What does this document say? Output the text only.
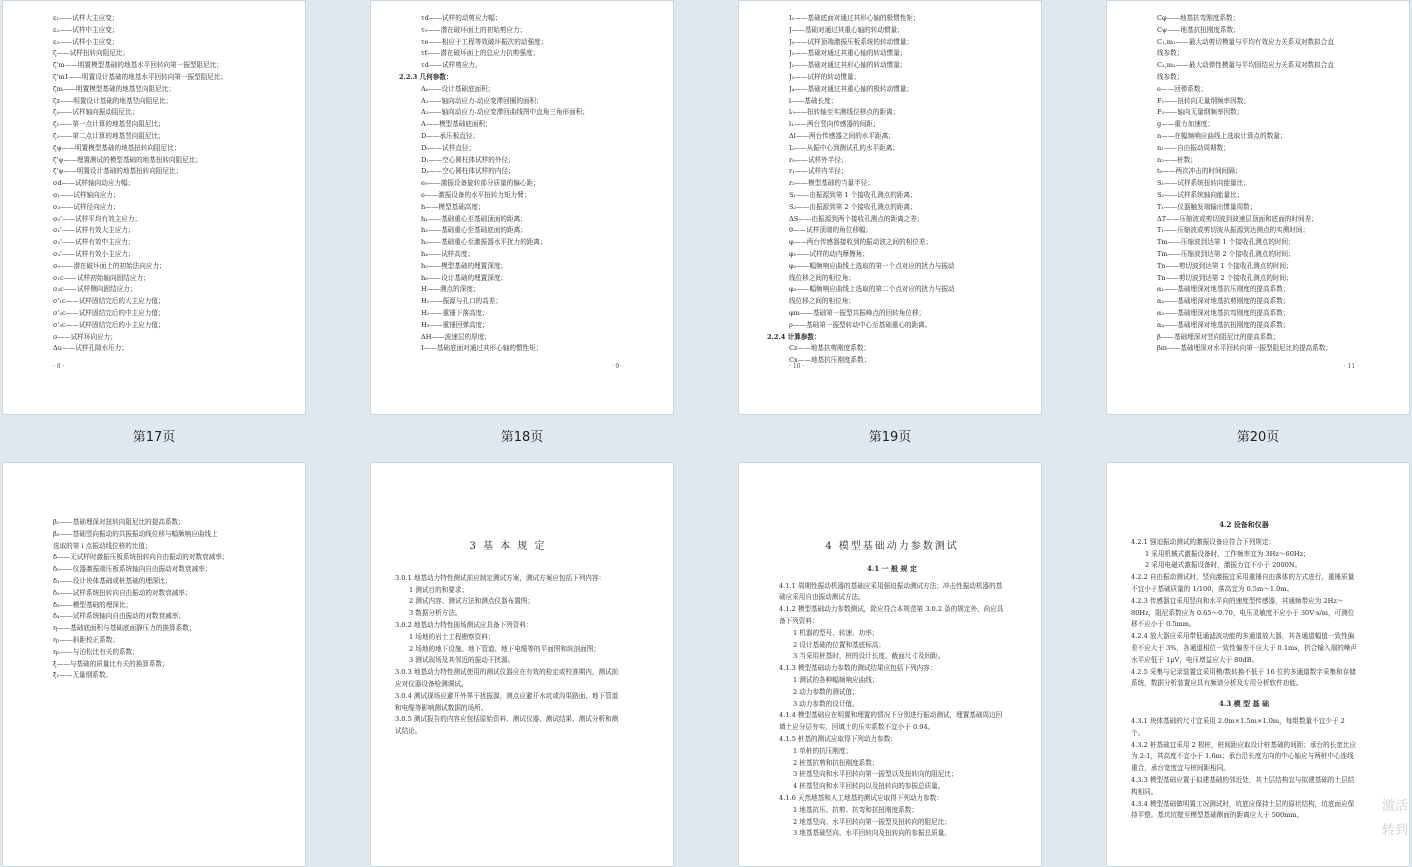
ε₁——试样大主应变；
ε₂——试样中主应变；
ε₃——试样小主应变；
ζ——试样扭转向阻尼比；
ζ'm——明置模型基础的地基水平回转向第一振型阻尼比；
ζ'm1——明置设计基础的地基水平回转向第一振型阻尼比；
ζm——明置模型基础的地基竖向阻尼比；
ζz——明置设计基础的地基竖向阻尼比；
ζ₀——试样轴向振动阻尼比；
ζ₁——第一点计算的地基竖向阻尼比；
ζ₂——第二点计算的地基竖向阻尼比；
ζψ——明置模型基础的地基扭转向阻尼比；
ζ'ψ——埋置测试的模型基础的地基扭转向阻尼比；
ζ'ψ——明置设计基础的地基扭转向阻尼比；
σd——试样轴向动应力幅；
σ₁——试样轴向应力；
σ₃——试样径向应力；
σ₀'——试样平均有效主应力；
σ₁'——试样有效大主应力；
σ₂'——试样有效中主应力；
σ₃'——试样有效小主应力；
σ₀——潜在破坏面上的初始法向应力；
σ₁c——试样初始轴向固结应力；
σ₃c——试样侧向固结应力；
σ'₁c——试样固结完后的大主应力值；
σ'₂c——试样固结完后的中主应力值；
σ'₃c——试样固结完后的小主应力值；
σ——试样环向应力；
Δu——试样孔隙水压力；
· 8 ·
τd——试样的动剪应力幅；
τ₀——潜在破坏面上的初始剪应力；
τe——相应于工程等效破坏振次的动强度；
τf——潜在破坏面上的总应力抗剪强度；
τd——试样剪应力。
2.2.3 几何参数：
A₀——设计基础底面积；
A₁——轴向动应力-动应变滞回圈的面积；
A₂——轴向动应力-动应变滞回曲线图中直角三角形面积；
A——模型基础底面积；
D——承压板直径；
D₀——试样直径；
D₁——空心圆柱体试样的外径；
D₂——空心圆柱体试样的内径；
e₀——激振设备旋转部分质量的偏心距；
e——激振设备的水平扭转力矩力臂；
h——模型基础高度；
h₁——基础重心至基础顶面的距离；
h₂——基础重心至基础底面的距离；
h₃——基础重心至激振器水平扰力的距离；
h₄——试样高度；
h₅——模型基础的埋置深度；
h₆——设计基础的埋置深度；
H——测点的深度；
H₁——振源与孔口的高差；
H₂——重锤下落高度；
H₃——重锤回弹高度；
ΔH——波速层的厚度；
I——基础底面对通过其形心轴的惯性矩；
· 9 ·
I₁——基础底面对通过其形心轴的极惯性矩；
J——基础对通过其重心轴的转动惯量；
J₀——试样顶端激振压板系统的转动惯量；
J₁——基础对通过其重心轴的转动惯量；
J₂——基础对通过其形心轴的转动惯量；
J₃——试样的转动惯量；
J₄——基础对通过其重心轴的极转动惯量；
l——基础长度；
l₀——扭转轴至实测线位移点的距离；
l₁——两台竖向传感器的间距；
Δl——两台传感器之间的水平距离；
L——从振中心到测试孔的水平距离；
r₀——试样外半径；
r₁——试样内半径；
r₂——模型基础的当量半径；
S₁——由振源到第 1 个接收孔测点的距离；
S₂——由振源到第 2 个接收孔测点的距离；
ΔS——由振源到两个接收孔测点的距离之差；
θ——试样顶端的角位移幅；
φ——两台传感器接收到的振动波之间的相位差；
φ₁——试样的动内摩擦角；
φ₂——幅频响应曲线上选取的第一个点对应的扰力与振动
线位移之间的相位角；
φ₃——幅频响应曲线上选取的第二个点对应的扰力与振动
线位移之间的相位角；
φm——基础第一振型共振峰点的回转角位移；
ρ——基础第一振型转动中心至基础重心的距离。
2.2.4 计算参数：
Cz——地基抗剪刚度系数；
Cx——地基抗压刚度系数；
· 10 ·
Cφ——地基抗弯刚度系数；
Cψ——地基抗扭刚度系数；
C₁,m₁——最大动剪切模量与平均有效应力关系双对数拟合直
线参数；
C₂,m₂——最大动弹性模量与平均固结应力关系双对数拟合直
线参数；
e——回弹系数；
F₁——扭转向无量纲频率因数；
F₂——轴向无量纲频率因数；
g——重力加速度；
n——在幅频响应曲线上选取计算点的数量；
n₁——自由振动周期数；
n₂——桩数；
t₀——两次冲击的时间间隔；
S₁——试样系统扭转向能量比；
S₂——试样系统轴向能量比；
T₁——仪器触发端输出惯量周数；
ΔT——压缩波或剪切波到波速层顶面和底面的时间差；
T₁——压缩波或剪切波从振源到达测点的实测时间；
Tm——压缩波到达第 1 个接收孔测点的时间；
Tm——压缩波到达第 2 个接收孔测点的时间；
Tn——剪切波到达第 1 个接收孔测点的时间；
Tn——剪切波到达第 2 个接收孔测点的时间；
α₁——基础埋深对地基抗压刚度的提高系数；
α₂——基础埋深对地基抗剪刚度的提高系数；
α₃——基础埋深对地基抗弯刚度的提高系数；
α₄——基础埋深对地基抗扭刚度的提高系数；
β——基础埋深对竖向阻尼比的提高系数；
βm——基础埋深对水平回转向第一振型阻尼比的提高系数；
· 11 ·
第17页	第18页	第19页	第20页
β₁——基础埋深对扭转向阻尼比的提高系数；
β₂——基础竖向振动的共振振动线位移与幅频响应曲线上
选取的第 i 点振动线位移的比值；
δ——无试样时激振压板系统扭转向自由振动的对数衰减率；
δ₀——仪器激振端压板系统轴向自由振动对数衰减率；
δ₁——设计块体基础或桩基础的埋深比；
δ₂——试样系统扭转向自由振动的对数衰减率；
δ₃——模型基础的埋深比；
δ₄——试样系统轴向自由振动的对数衰减率；
η——基础底面积与基础底面静压力的换算系数；
η₁——斜距校正系数；
η₂——与泊松比有关的系数；
ξ——与基础的质量比有关的换算系数；
ξ₁——无量纲系数。
3 基 本 规 定
3.0.1 地基动力特性测试前应制定测试方案，测试方案应包括下列内容：
1 测试目的和要求；
2 测试内容、测试方法和测点仪器布置图；
3 数据分析方法。
3.0.2 地基动力特性现场测试应具备下列资料：
1 场地的岩土工程勘察资料；
2 场地的地下设施、地下管道、地下电缆等的平面图和纵剖面图；
3 测试现场及其邻近的振动干扰源。
3.0.3 地基动力特性测试使用的测试仪器应在有效的检定或校准期内，测试前应对仪器设备检测调试。
3.0.4 测试现场应避开外界干扰振源，测点应避开水坑或沟渠路面、地下管道和电缆等影响测试数据的场所。
3.0.5 测试报告的内容应包括原始资料、测试仪器、测试结果、测试分析和测试结论。
4 模型基础动力参数测试
4.1 一 般 规 定
4.1.1 周期性振动机器的基础应采用强迫振动测试方法；冲击性振动机器的基础应采用自由振动测试方法。
4.1.2 模型基础动力参数测试，除应符合本规范第 3.0.2 条的规定外，尚应具备下列资料：
1 机器的型号、转速、功率；
2 设计基础的位置和基底标高；
3 当采用桩基时，桩的设计长度、截面尺寸及间距。
4.1.3 模型基础动力参数的测试结果应包括下列内容：
1 测试的各种幅频响应曲线；
2 动力参数的测试值；
3 动力参数的设计值。
4.1.4 模型基础应在明置和埋置的情况下分别进行振动测试，埋置基础周边回填土应分层夯实，回填土的压实系数不宜小于 0.94。
4.1.5 桩基的测试应取得下列动力参数：
1 单桩的抗压刚度；
2 桩基抗剪和抗扭刚度系数；
3 桩基竖向和水平回转向第一振型以及扭转向的阻尼比；
4 桩基竖向和水平回转向以及扭转向的参振总质量。
4.1.6 天然地基和人工地基的测试应取得下列动力参数：
1 地基抗压、抗剪、抗弯和抗扭刚度系数；
2 地基竖向、水平回转向第一振型及扭转向的阻尼比；
3 地基基础竖向、水平回转向及扭转向的参振总质量。
4.2 设备和仪器
4.2.1 强迫振动测试的激振设备应符合下列规定：
1 采用机械式激振设备时，工作频率宜为 3Hz～60Hz；
2 采用电磁式激振设备时，激振力宜不小于 2000N。
4.2.2 自由振动测试时，竖向激振宜采用重锤自由落体的方式进行，重锤质量不宜小于基础质量的 1/100，落高宜为 0.5m～1.0m。
4.2.3 传感器宜采用竖向和水平向的速度型传感器，其通频带应为 2Hz～80Hz，阻尼系数应为 0.65～0.70，电压灵敏度不应小于 30V·s/m，可测位移不应小于 0.5mm。
4.2.4 放大器应采用带低通滤波功能的多通道放大器，其各通道幅值一致性偏差不应大于 3%，各通道相位一致性偏差不应大于 0.1ms，折合输入端的噪声水平应低于 1μV，电压增益应大于 80dB。
4.2.5 采集与记录装置宜采用模/数转换不低于 16 位的多通道数字采集和存储系统，数据分析装置应具有频谱分析及专用分析软件功能。
4.3 模 型 基 础
4.3.1 块体基础的尺寸宜采用 2.0m×1.5m×1.0m，每组数量不宜少于 2 个。
4.3.2 桩基础宜采用 2 根桩，桩间距应取设计桩基础的间距；承台的长宽比应为 2:1，其高度不宜小于 1.6m；承台沿长度方向的中心轴应与两桩中心连线重合，承台宽度宜与桩间距相同。
4.3.3 模型基础应置于拟建基础的邻近处，其土层结构宜与拟建基础的土层结构相同。
4.3.4 模型基础做明置工况测试时，坑底应保持土层的原状结构，坑底面应保持平整。基坑坑壁至模型基础侧面的距离应大于 500mm。
激活
转到
